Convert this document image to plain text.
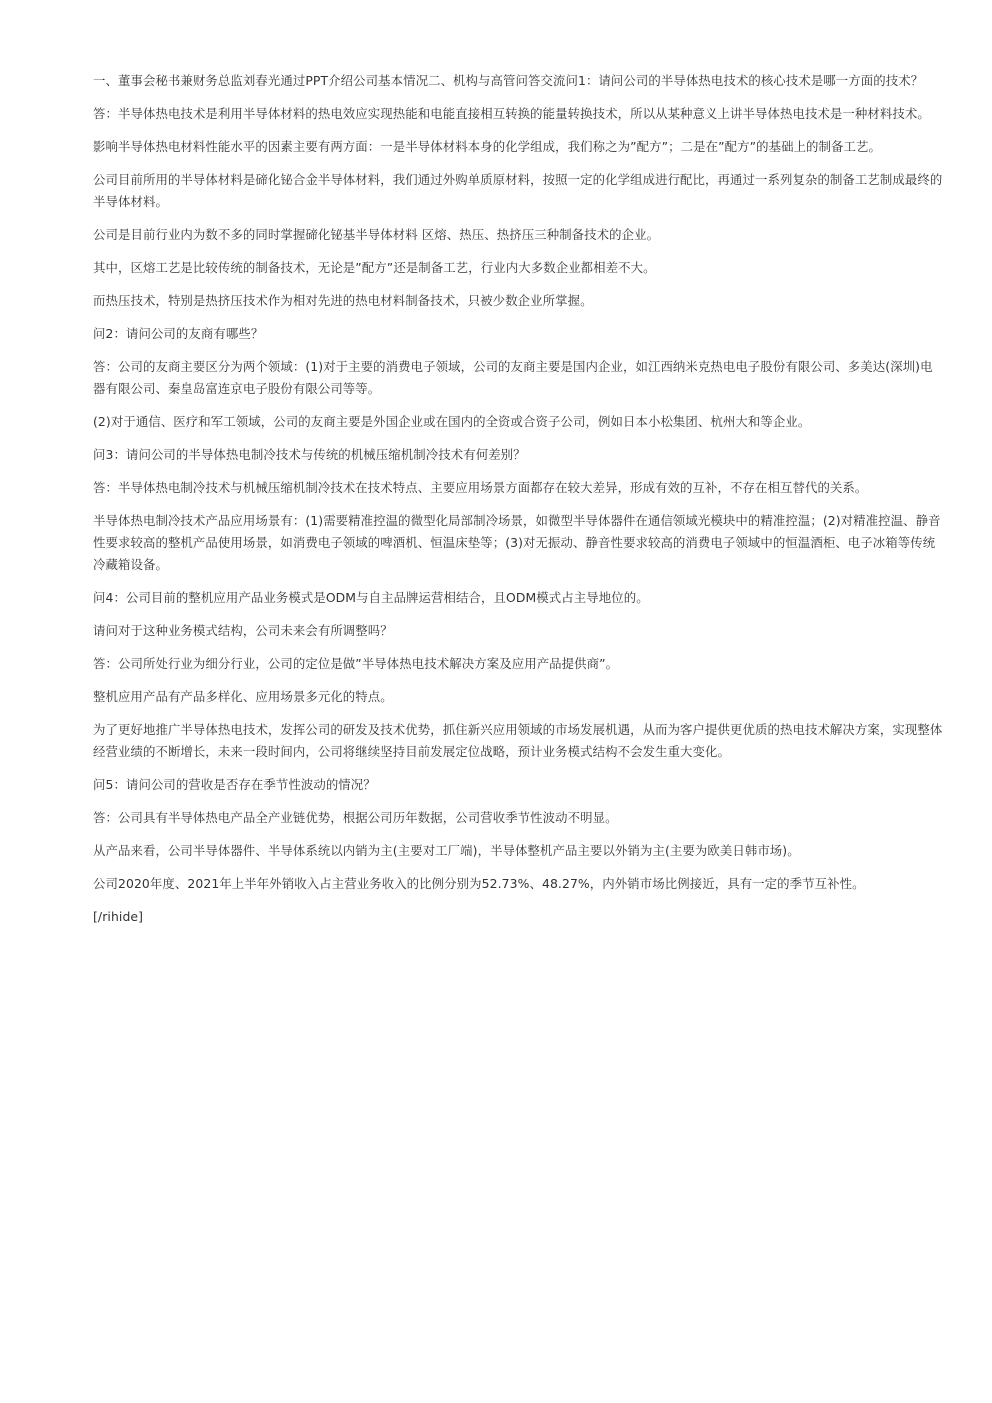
一、董事会秘书兼财务总监刘春光通过PPT介绍公司基本情况二、机构与高管问答交流问1：请问公司的半导体热电技术的核心技术是哪一方面的技术？

答：半导体热电技术是利用半导体材料的热电效应实现热能和电能直接相互转换的能量转换技术，所以从某种意义上讲半导体热电技术是一种材料技术。

影响半导体热电材料性能水平的因素主要有两方面：一是半导体材料本身的化学组成，我们称之为”配方”；二是在”配方”的基础上的制备工艺。

公司目前所用的半导体材料是碲化铋合金半导体材料，我们通过外购单质原材料，按照一定的化学组成进行配比，再通过一系列复杂的制备工艺制成最终的半导体材料。

公司是目前行业内为数不多的同时掌握碲化铋基半导体材料 区熔、热压、热挤压三种制备技术的企业。

其中，区熔工艺是比较传统的制备技术，无论是”配方”还是制备工艺，行业内大多数企业都相差不大。

而热压技术，特别是热挤压技术作为相对先进的热电材料制备技术，只被少数企业所掌握。

问2：请问公司的友商有哪些？

答：公司的友商主要区分为两个领域：(1)对于主要的消费电子领域，公司的友商主要是国内企业，如江西纳米克热电电子股份有限公司、多美达(深圳)电器有限公司、秦皇岛富连京电子股份有限公司等等。

(2)对于通信、医疗和军工领域，公司的友商主要是外国企业或在国内的全资或合资子公司，例如日本小松集团、杭州大和等企业。

问3：请问公司的半导体热电制冷技术与传统的机械压缩机制冷技术有何差别？

答：半导体热电制冷技术与机械压缩机制冷技术在技术特点、主要应用场景方面都存在较大差异，形成有效的互补，不存在相互替代的关系。

半导体热电制冷技术产品应用场景有：(1)需要精准控温的微型化局部制冷场景，如微型半导体器件在通信领域光模块中的精准控温；(2)对精准控温、静音性要求较高的整机产品使用场景，如消费电子领域的啤酒机、恒温床垫等；(3)对无振动、静音性要求较高的消费电子领域中的恒温酒柜、电子冰箱等传统冷藏箱设备。

问4：公司目前的整机应用产品业务模式是ODM与自主品牌运营相结合，且ODM模式占主导地位的。

请问对于这种业务模式结构，公司未来会有所调整吗？

答：公司所处行业为细分行业，公司的定位是做”半导体热电技术解决方案及应用产品提供商”。

整机应用产品有产品多样化、应用场景多元化的特点。

为了更好地推广半导体热电技术，发挥公司的研发及技术优势，抓住新兴应用领域的市场发展机遇，从而为客户提供更优质的热电技术解决方案，实现整体经营业绩的不断增长，未来一段时间内，公司将继续坚持目前发展定位战略，预计业务模式结构不会发生重大变化。

问5：请问公司的营收是否存在季节性波动的情况？

答：公司具有半导体热电产品全产业链优势，根据公司历年数据，公司营收季节性波动不明显。

从产品来看，公司半导体器件、半导体系统以内销为主(主要对工厂端)，半导体整机产品主要以外销为主(主要为欧美日韩市场)。

公司2020年度、2021年上半年外销收入占主营业务收入的比例分别为52.73%、48.27%，内外销市场比例接近，具有一定的季节互补性。

[/rihide]
